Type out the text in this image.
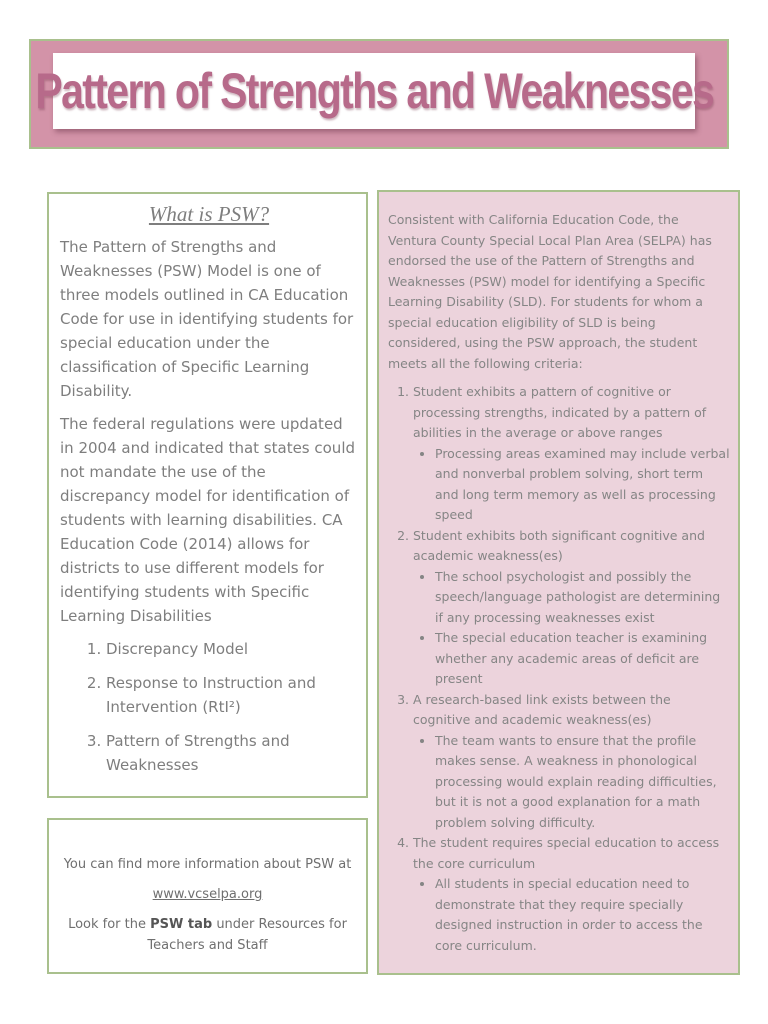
Pattern of Strengths and Weaknesses
What is PSW?

The Pattern of Strengths and Weaknesses (PSW) Model is one of three models outlined in CA Education Code for use in identifying students for special education under the classification of Specific Learning Disability.

The federal regulations were updated in 2004 and indicated that states could not mandate the use of the discrepancy model for identification of students with learning disabilities. CA Education Code (2014) allows for districts to use different models for identifying students with Specific Learning Disabilities

1. Discrepancy Model
2. Response to Instruction and Intervention (RtI²)
3. Pattern of Strengths and Weaknesses

You can find more information about PSW at

www.vcselpa.org

Look for the PSW tab under Resources for Teachers and Staff

Consistent with California Education Code, the Ventura County Special Local Plan Area (SELPA) has endorsed the use of the Pattern of Strengths and Weaknesses (PSW) model for identifying a Specific Learning Disability (SLD). For students for whom a special education eligibility of SLD is being considered, using the PSW approach, the student meets all the following criteria:

1. Student exhibits a pattern of cognitive or processing strengths, indicated by a pattern of abilities in the average or above ranges
• Processing areas examined may include verbal and nonverbal problem solving, short term and long term memory as well as processing speed
2. Student exhibits both significant cognitive and academic weakness(es)
• The school psychologist and possibly the speech/language pathologist are determining if any processing weaknesses exist
• The special education teacher is examining whether any academic areas of deficit are present
3. A research-based link exists between the cognitive and academic weakness(es)
• The team wants to ensure that the profile makes sense. A weakness in phonological processing would explain reading difficulties, but it is not a good explanation for a math problem solving difficulty.
4. The student requires special education to access the core curriculum
• All students in special education need to demonstrate that they require specially designed instruction in order to access the core curriculum.
